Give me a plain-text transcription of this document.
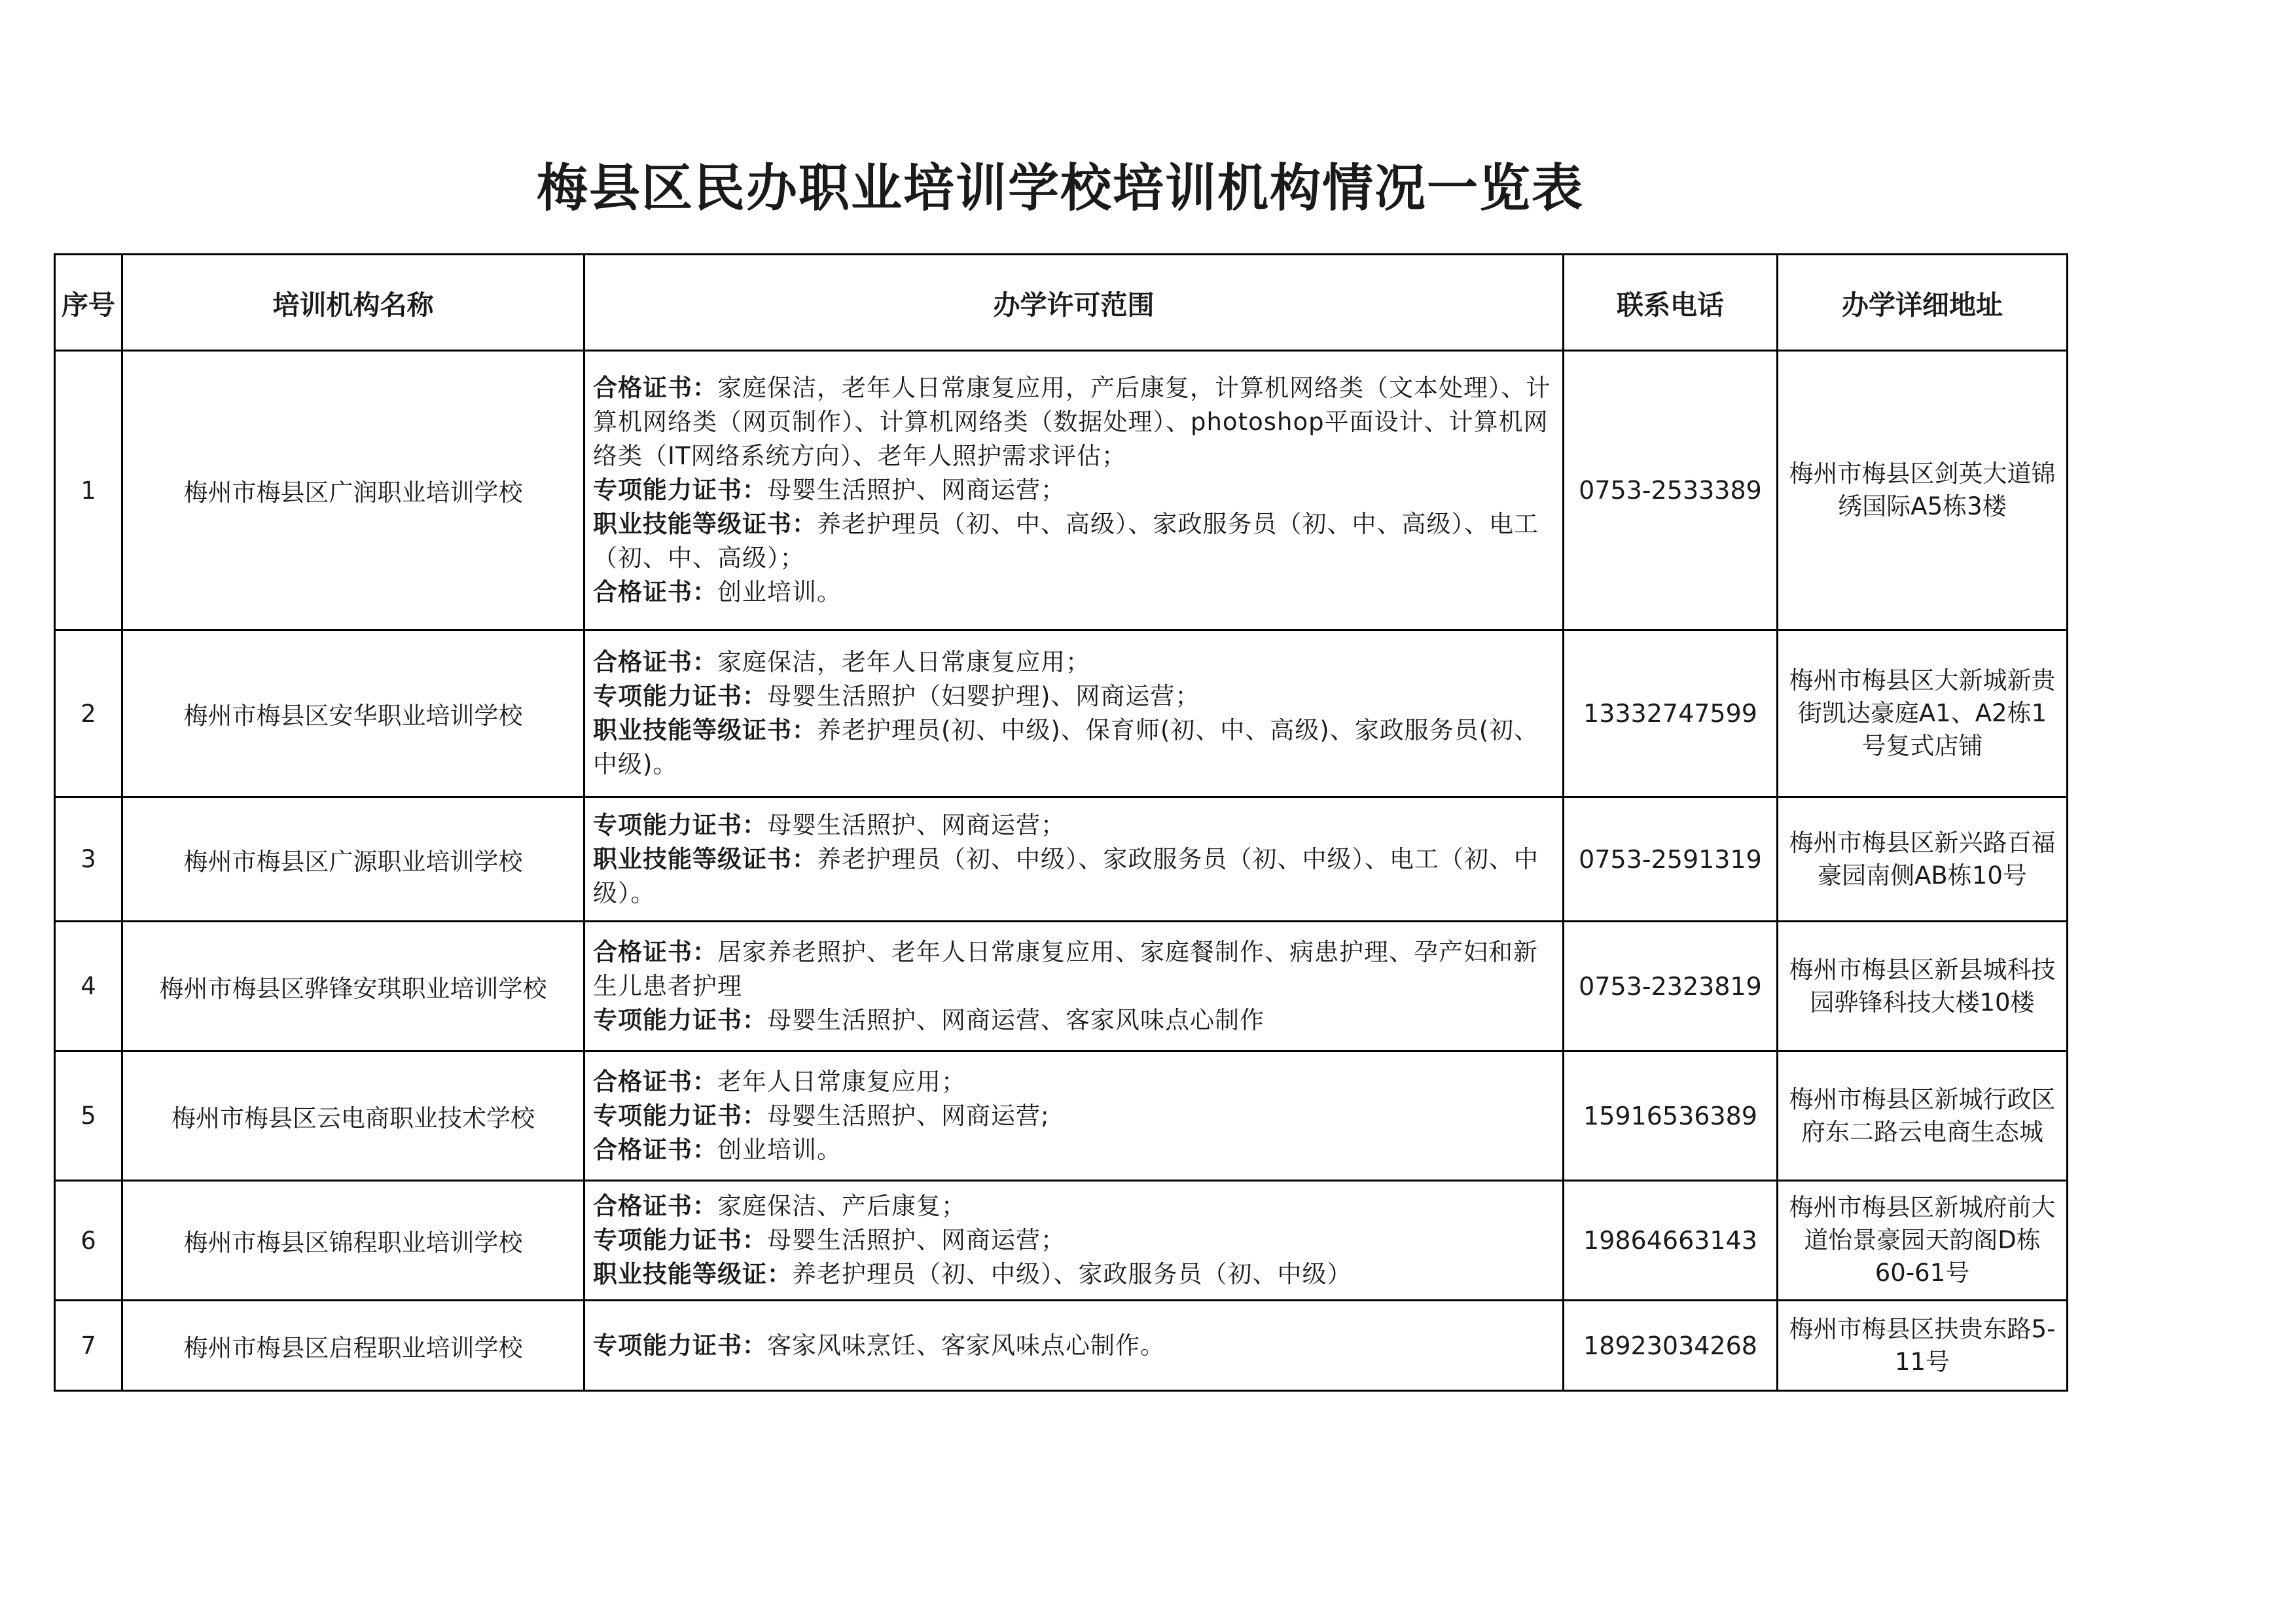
梅县区民办职业培训学校培训机构情况一览表
序号	培训机构名称	办学许可范围	联系电话	办学详细地址
1	梅州市梅县区广润职业培训学校	合格证书：家庭保洁，老年人日常康复应用，产后康复，计算机网络类（文本处理）、计算机网络类（网页制作）、计算机网络类（数据处理）、photoshop平面设计、计算机网络类（IT网络系统方向）、老年人照护需求评估；
专项能力证书：母婴生活照护、网商运营；
职业技能等级证书：养老护理员（初、中、高级）、家政服务员（初、中、高级）、电工（初、中、高级）；
合格证书：创业培训。	0753-2533389	梅州市梅县区剑英大道锦绣国际A5栋3楼
2	梅州市梅县区安华职业培训学校	合格证书：家庭保洁，老年人日常康复应用；
专项能力证书：母婴生活照护（妇婴护理)、网商运营；
职业技能等级证书：养老护理员(初、中级)、保育师(初、中、高级)、家政服务员(初、中级)。	13332747599	梅州市梅县区大新城新贵街凯达豪庭A1、A2栋1号复式店铺
3	梅州市梅县区广源职业培训学校	专项能力证书：母婴生活照护、网商运营；
职业技能等级证书：养老护理员（初、中级）、家政服务员（初、中级）、电工（初、中级）。	0753-2591319	梅州市梅县区新兴路百福豪园南侧AB栋10号
4	梅州市梅县区骅锋安琪职业培训学校	合格证书：居家养老照护、老年人日常康复应用、家庭餐制作、病患护理、孕产妇和新生儿患者护理
专项能力证书：母婴生活照护、网商运营、客家风味点心制作	0753-2323819	梅州市梅县区新县城科技园骅锋科技大楼10楼
5	梅州市梅县区云电商职业技术学校	合格证书：老年人日常康复应用；
专项能力证书：母婴生活照护、网商运营;
合格证书：创业培训。	15916536389	梅州市梅县区新城行政区府东二路云电商生态城
6	梅州市梅县区锦程职业培训学校	合格证书：家庭保洁、产后康复；
专项能力证书：母婴生活照护、网商运营；
职业技能等级证：养老护理员（初、中级）、家政服务员（初、中级）	19864663143	梅州市梅县区新城府前大道怡景豪园天韵阁D栋60-61号
7	梅州市梅县区启程职业培训学校	专项能力证书：客家风味烹饪、客家风味点心制作。	18923034268	梅州市梅县区扶贵东路5-11号
